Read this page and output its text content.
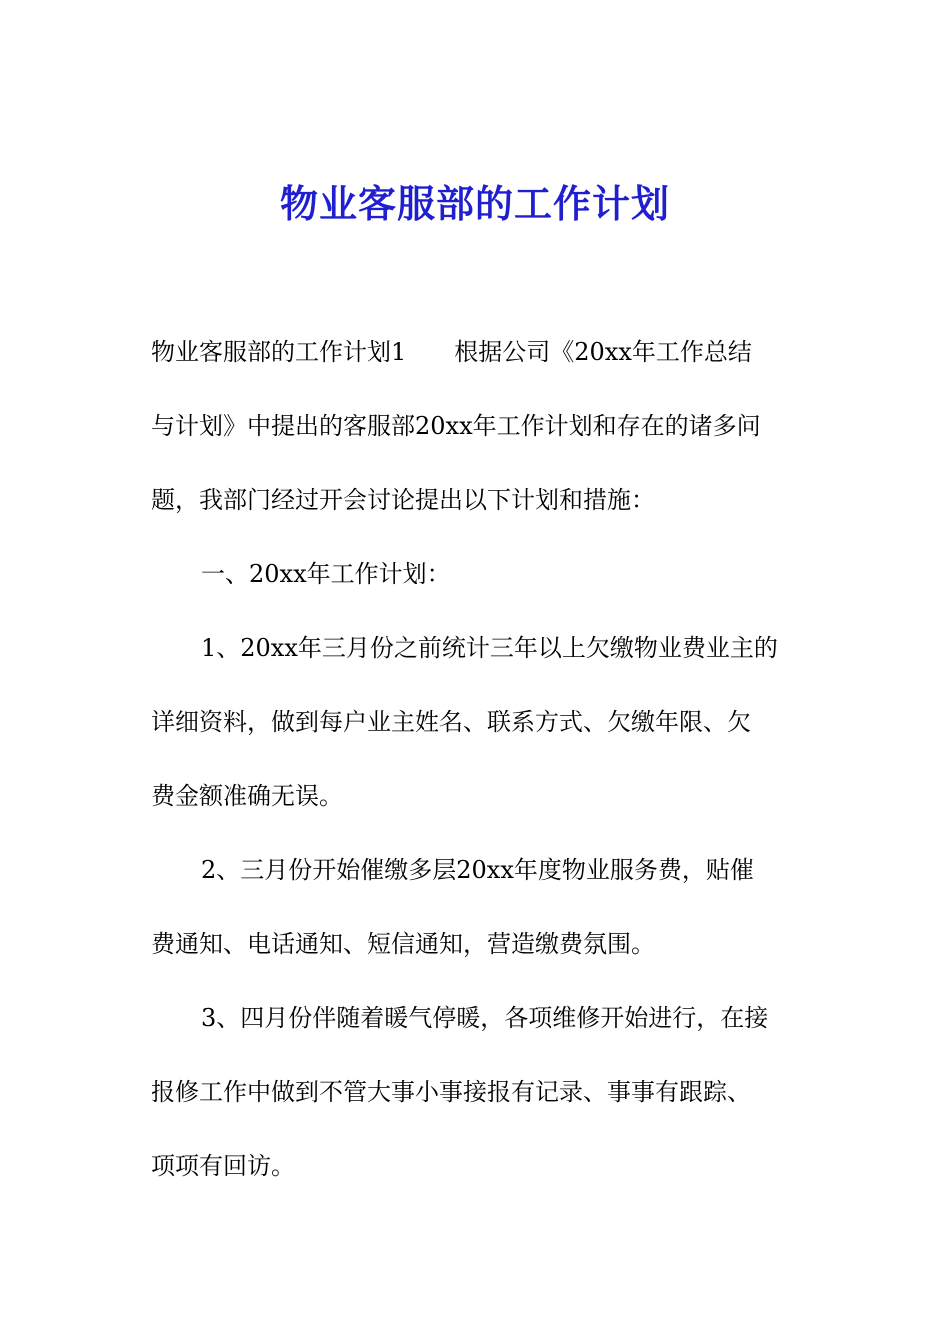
物业客服部的工作计划
物业客服部的工作计划1　　根据公司《20xx年工作总结
与计划》中提出的客服部20xx年工作计划和存在的诸多问
题，我部门经过开会讨论提出以下计划和措施：
一、20xx年工作计划：
1、20xx年三月份之前统计三年以上欠缴物业费业主的
详细资料，做到每户业主姓名、联系方式、欠缴年限、欠
费金额准确无误。
2、三月份开始催缴多层20xx年度物业服务费，贴催
费通知、电话通知、短信通知，营造缴费氛围。
3、四月份伴随着暖气停暖，各项维修开始进行，在接
报修工作中做到不管大事小事接报有记录、事事有跟踪、
项项有回访。
